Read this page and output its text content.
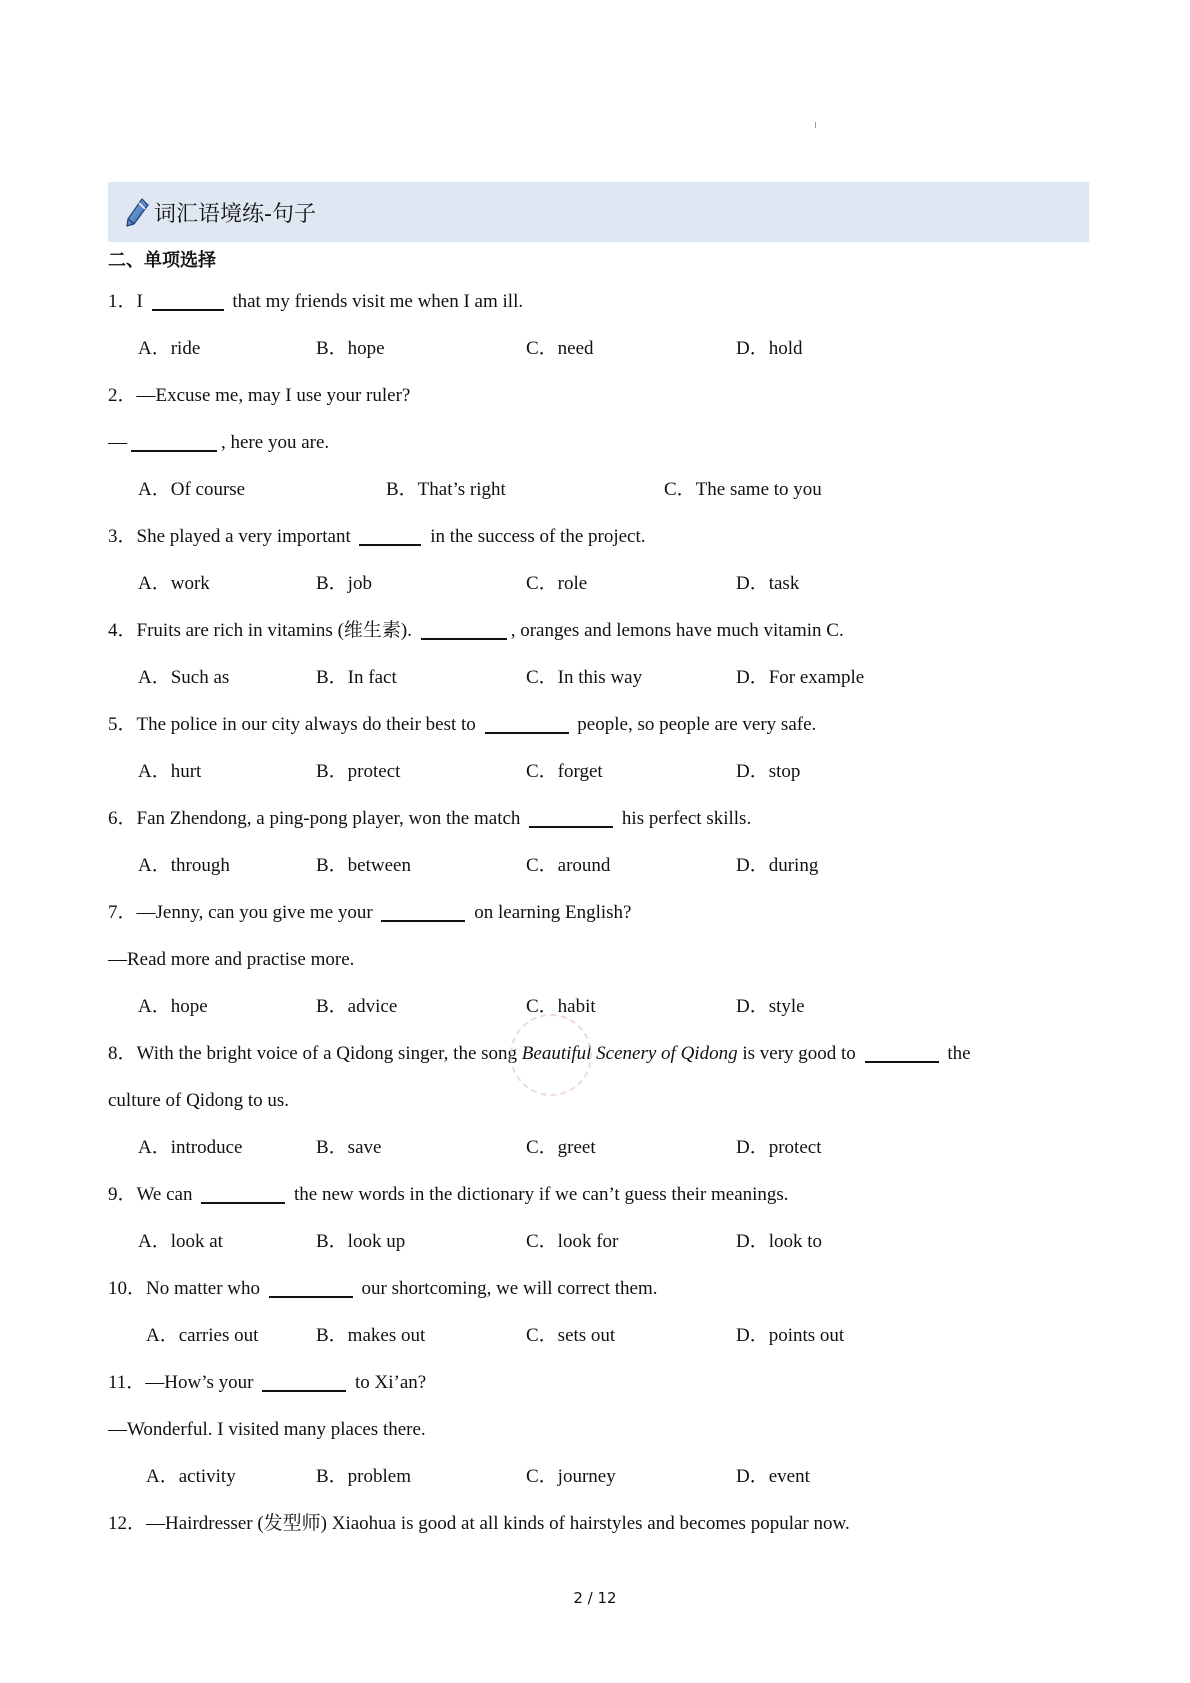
词汇语境练-句子
二、单项选择
1．I	that my friends visit me when I am ill.
A．ride	B．hope	C．need	D．hold
2．—Excuse me, may I use your ruler?
—	, here you are.
A．Of course	B．That’s right	C．The same to you
3．She played a very important	in the success of the project.
A．work	B．job	C．role	D．task
4．Fruits are rich in vitamins (维生素).	, oranges and lemons have much vitamin C.
A．Such as	B．In fact	C．In this way	D．For example
5．The police in our city always do their best to	people, so people are very safe.
A．hurt	B．protect	C．forget	D．stop
6．Fan Zhendong, a ping-pong player, won the match	his perfect skills.
A．through	B．between	C．around	D．during
7．—Jenny, can you give me your	on learning English?
—Read more and practise more.
A．hope	B．advice	C．habit	D．style
8．With the bright voice of a Qidong singer, the song Beautiful Scenery of Qidong is very good to	the
culture of Qidong to us.
A．introduce	B．save	C．greet	D．protect
9．We can	the new words in the dictionary if we can’t guess their meanings.
A．look at	B．look up	C．look for	D．look to
10．No matter who	our shortcoming, we will correct them.
A．carries out	B．makes out	C．sets out	D．points out
11．—How’s your	to Xi’an?
—Wonderful. I visited many places there.
A．activity	B．problem	C．journey	D．event
12．—Hairdresser (发型师) Xiaohua is good at all kinds of hairstyles and becomes popular now.
2 / 12
